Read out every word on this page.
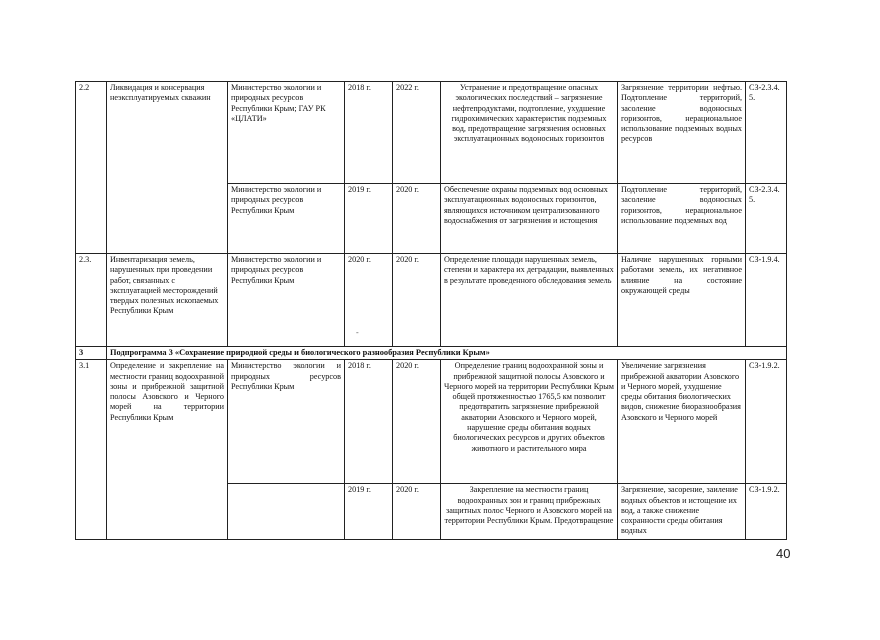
2.2	Ликвидация и консервация неэксплуатируемых скважин	Министерство экологии и природных ресурсов Республики Крым; ГАУ РК «ЦЛАТИ»	2018 г.	2022 г.	Устранение и предотвращение опасных экологических последствий – загрязнение нефтепродуктами, подтопление, ухудшение гидрохимических характеристик подземных вод, предотвращение загрязнения основных эксплуатационных водоносных горизонтов	Загрязнение территории нефтью. Подтопление территорий, засоление водоносных горизонтов, нерациональное использование подземных водных ресурсов	СЗ-2.3.4.5.
		Министерство экологии и природных ресурсов Республики Крым	2019 г.	2020 г.	Обеспечение охраны подземных вод основных эксплуатационных водоносных горизонтов, являющихся источником централизованного водоснабжения от загрязнения и истощения	Подтопление территорий, засоление водоносных горизонтов, нерациональное использование подземных вод	СЗ-2.3.4.5.
2.3.	Инвентаризация земель, нарушенных при проведении работ, связанных с эксплуатацией месторождений твердых полезных ископаемых Республики Крым	Министерство экологии и природных ресурсов Республики Крым	2020 г.	2020 г.	Определение площади нарушенных земель, степени и характера их деградации, выявленных в результате проведенного обследования земель	Наличие нарушенных горными работами земель, их негативное влияние на состояние окружающей среды	СЗ-1.9.4.
3	Подпрограмма 3 «Сохранение природной среды и биологического разнообразия Республики Крым»						
3.1	Определение и закрепление на местности границ водоохранной зоны и прибрежной защитной полосы Азовского и Черного морей на территории Республики Крым	Министерство экологии и природных ресурсов Республики Крым	2018 г.	2020 г.	Определение границ водоохранной зоны и прибрежной защитной полосы Азовского и Черного морей на территории Республики Крым общей протяженностью 1765,5 км позволит предотвратить загрязнение прибрежной акватории Азовского и Черного морей, нарушение среды обитания водных биологических ресурсов и других объектов животного и растительного мира	Увеличение загрязнения прибрежной акватории Азовского и Черного морей, ухудшение среды обитания биологических видов, снижение биоразнообразия Азовского и Черного морей	СЗ-1.9.2.
			2019 г.	2020 г.	Закрепление на местности границ водоохранных зон и границ прибрежных защитных полос Черного и Азовского морей на территории Республики Крым. Предотвращение	Загрязнение, засорение, заиление водных объектов и истощение их вод, а также снижение сохранности среды обитания водных	СЗ-1.9.2.
-
40
